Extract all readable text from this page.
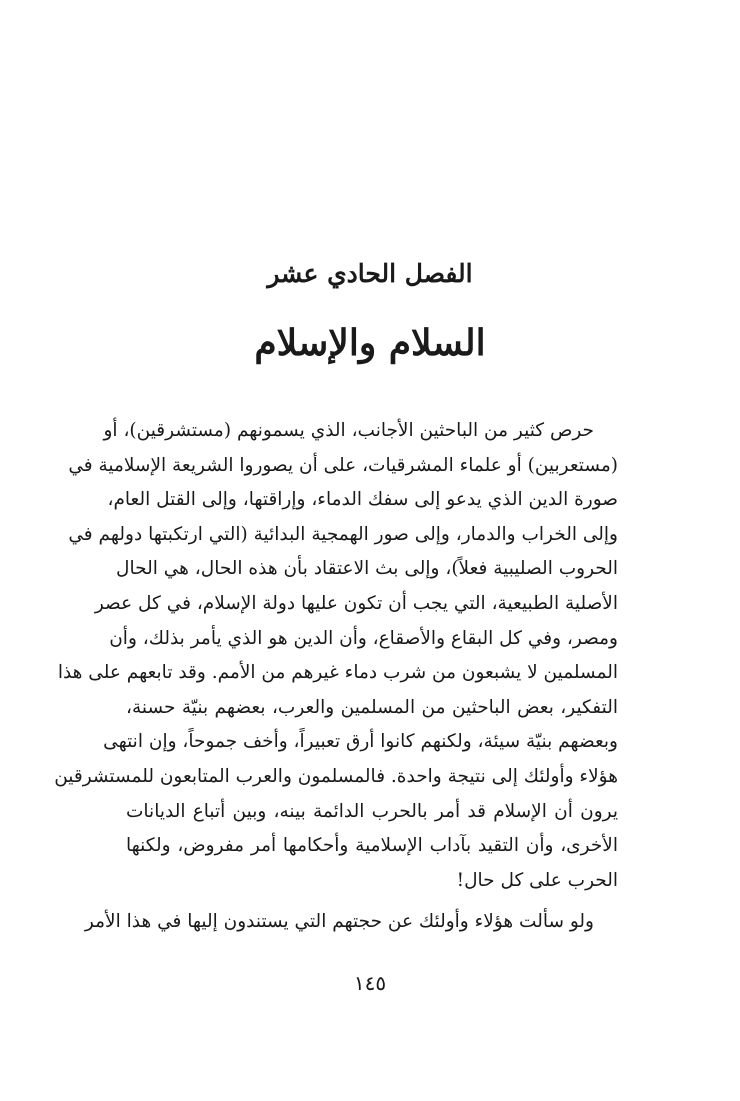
الفصل الحادي عشر
السلام والإسلام
حرص كثير من الباحثين الأجانب، الذي يسمونهم (مستشرقين)، أو
(مستعربين) أو علماء المشرقيات، على أن يصوروا الشريعة الإسلامية في
صورة الدين الذي يدعو إلى سفك الدماء، وإراقتها، وإلى القتل العام،
وإلى الخراب والدمار، وإلى صور الهمجية البدائية (التي ارتكبتها دولهم في
الحروب الصليبية فعلاً)، وإلى بث الاعتقاد بأن هذه الحال، هي الحال
الأصلية الطبيعية، التي يجب أن تكون عليها دولة الإسلام، في كل عصر
ومصر، وفي كل البقاع والأصقاع، وأن الدين هو الذي يأمر بذلك، وأن
المسلمين لا يشبعون من شرب دماء غيرهم من الأمم. وقد تابعهم على هذا
التفكير، بعض الباحثين من المسلمين والعرب، بعضهم بنيّة حسنة،
وبعضهم بنيّة سيئة، ولكنهم كانوا أرق تعبيراً، وأخف جموحاً، وإن انتهى
هؤلاء وأولئك إلى نتيجة واحدة. فالمسلمون والعرب المتابعون للمستشرقين
يرون أن الإسلام قد أمر بالحرب الدائمة بينه، وبين أتباع الديانات
الأخرى، وأن التقيد بآداب الإسلامية وأحكامها أمر مفروض، ولكنها
الحرب على كل حال!
ولو سألت هؤلاء وأولئك عن حجتهم التي يستندون إليها في هذا الأمر
١٤٥
